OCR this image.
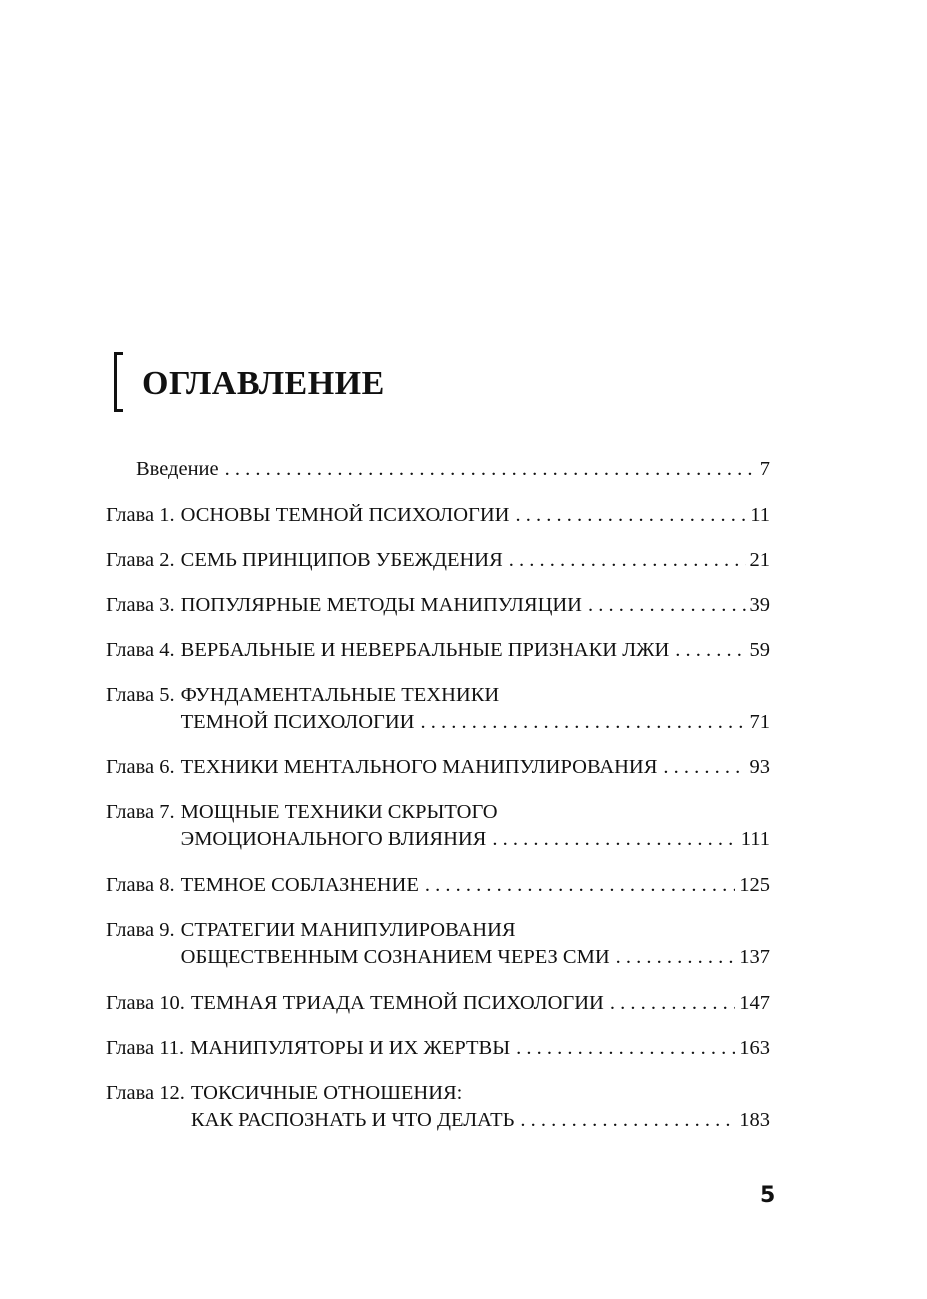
ОГЛАВЛЕНИЕ
Введение . . .	7
Глава 1. ОСНОВЫ ТЕМНОЙ ПСИХОЛОГИИ . . .	11
Глава 2. СЕМЬ ПРИНЦИПОВ УБЕЖДЕНИЯ . . .	21
Глава 3. ПОПУЛЯРНЫЕ МЕТОДЫ МАНИПУЛЯЦИИ . . .	39
Глава 4. ВЕРБАЛЬНЫЕ И НЕВЕРБАЛЬНЫЕ ПРИЗНАКИ ЛЖИ . . .	59
Глава 5. ФУНДАМЕНТАЛЬНЫЕ ТЕХНИКИ
ТЕМНОЙ ПСИХОЛОГИИ . . .	71
Глава 6. ТЕХНИКИ МЕНТАЛЬНОГО МАНИПУЛИРОВАНИЯ . . .	93
Глава 7. МОЩНЫЕ ТЕХНИКИ СКРЫТОГО
ЭМОЦИОНАЛЬНОГО ВЛИЯНИЯ . . .	111
Глава 8. ТЕМНОЕ СОБЛАЗНЕНИЕ . . .	125
Глава 9. СТРАТЕГИИ МАНИПУЛИРОВАНИЯ
ОБЩЕСТВЕННЫМ СОЗНАНИЕМ ЧЕРЕЗ СМИ . . .	137
Глава 10. ТЕМНАЯ ТРИАДА ТЕМНОЙ ПСИХОЛОГИИ . . .	147
Глава 11. МАНИПУЛЯТОРЫ И ИХ ЖЕРТВЫ . . .	163
Глава 12. ТОКСИЧНЫЕ ОТНОШЕНИЯ:
КАК РАСПОЗНАТЬ И ЧТО ДЕЛАТЬ . . .	183
5
